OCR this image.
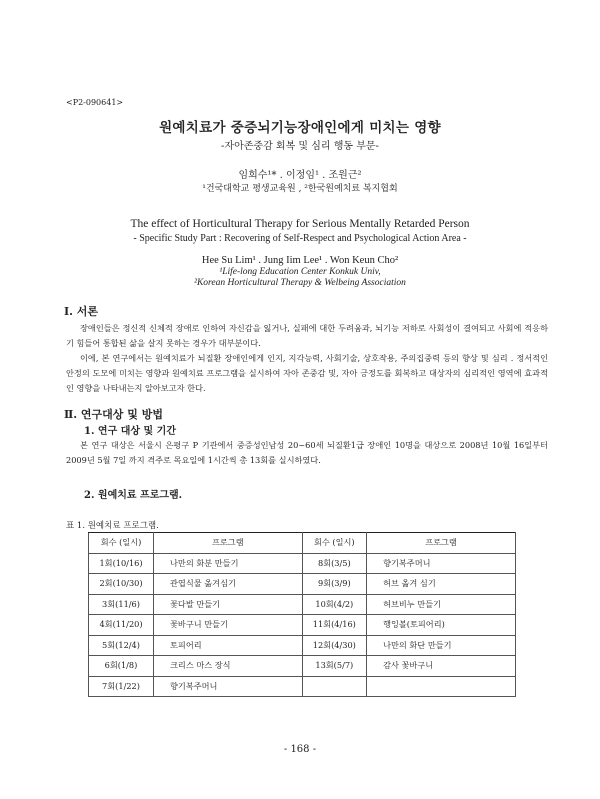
<P2-090641>
원예치료가 중증뇌기능장애인에게 미치는 영향
-자아존중감 회복 및 심리 행동 부문-
임희수¹* . 이정임¹ . 조원근²
¹건국대학교 평생교육원 , ²한국원예치료 복지협회
The effect of Horticultural Therapy for Serious Mentally Retarded Person
- Specific Study Part : Recovering of Self-Respect and Psychological Action Area -
Hee Su Lim¹ . Jung Iim Lee¹ . Won Keun Cho²
¹Life-long Education Center Konkuk Univ,
²Korean Horticultural Therapy & Welbeing Association
Ⅰ. 서론
장애인들은 정신적 신체적 장애로 인하여 자신감을 잃거나, 실패에 대한 두려움과, 뇌기능 저하로 사회성이 결여되고 사회에 적응하기 힘들어 통합된 삶을 살지 못하는 경우가 대부분이다.
이에, 본 연구에서는 원예치료가 뇌질환 장애인에게 인지, 지각능력, 사회기술, 상호작용, 주의집중력 등의 향상 및 심리 . 정서적인 안정의 도모에 미치는 영향과 원예치료 프로그램을 실시하여 자아 존중감 및, 자아 긍정도를 회복하고 대상자의 심리적인 영역에 효과적인 영향을 나타내는지 알아보고자 한다.
Ⅱ. 연구대상 및 방법
1. 연구 대상 및 기간
본 연구 대상은 서울시 은평구 P 기관에서 중증성인남성 20~60세 뇌질환1급 장애인 10명을 대상으로 2008년 10월 16일부터 2009년 5월 7일 까지 격주로 목요일에 1시간씩 총 13회를 실시하였다.
2. 원예치료 프로그램.
표 1. 원예치료 프로그램.
회수 (일시)	프로그램	회수 (일시)	프로그램
1회(10/16)	나만의 화분 만들기	8회(3/5)	향기복주머니
2회(10/30)	관엽식물 옮겨심기	9회(3/9)	허브 옮겨 심기
3회(11/6)	꽃다발 만들기	10회(4/2)	허브비누 만들기
4회(11/20)	꽃바구니 만들기	11회(4/16)	행잉볼(토피어리)
5회(12/4)	토피어리	12회(4/30)	나만의 화단 만들기
6회(1/8)	크리스 마스 장식	13회(5/7)	감사 꽃바구니
7회(1/22)	향기복주머니		
- 168 -
